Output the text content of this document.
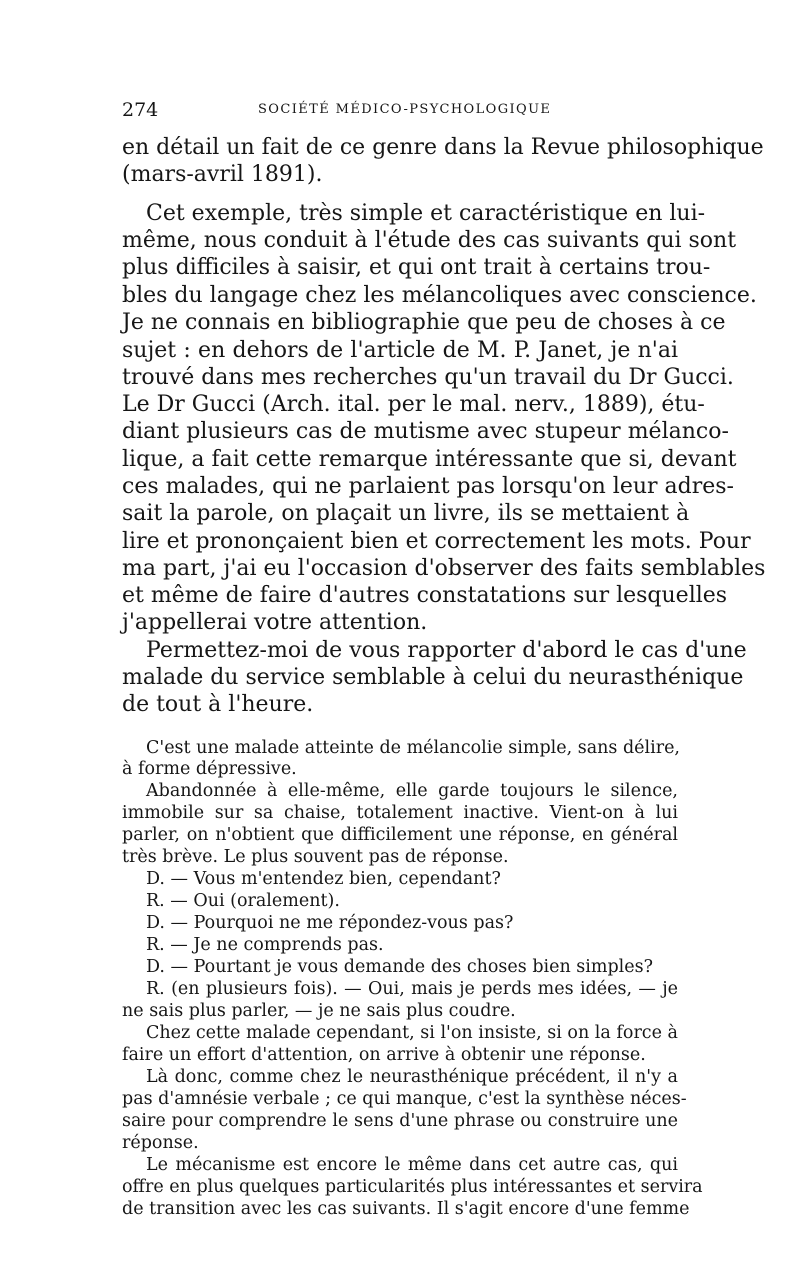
274	SOCIÉTÉ MÉDICO-PSYCHOLOGIQUE
en détail un fait de ce genre dans la Revue philosophique
(mars-avril 1891).
Cet exemple, très simple et caractéristique en lui-
même, nous conduit à l'étude des cas suivants qui sont
plus difficiles à saisir, et qui ont trait à certains trou-
bles du langage chez les mélancoliques avec conscience.
Je ne connais en bibliographie que peu de choses à ce
sujet : en dehors de l'article de M. P. Janet, je n'ai
trouvé dans mes recherches qu'un travail du Dr Gucci.
Le Dr Gucci (Arch. ital. per le mal. nerv., 1889), étu-
diant plusieurs cas de mutisme avec stupeur mélanco-
lique, a fait cette remarque intéressante que si, devant
ces malades, qui ne parlaient pas lorsqu'on leur adres-
sait la parole, on plaçait un livre, ils se mettaient à
lire et prononçaient bien et correctement les mots. Pour
ma part, j'ai eu l'occasion d'observer des faits semblables
et même de faire d'autres constatations sur lesquelles
j'appellerai votre attention.
Permettez-moi de vous rapporter d'abord le cas d'une
malade du service semblable à celui du neurasthénique
de tout à l'heure.
C'est une malade atteinte de mélancolie simple, sans délire,
à forme dépressive.
Abandonnée à elle-même, elle garde toujours le silence,
immobile sur sa chaise, totalement inactive. Vient-on à lui
parler, on n'obtient que difficilement une réponse, en général
très brève. Le plus souvent pas de réponse.
D. — Vous m'entendez bien, cependant?
R. — Oui (oralement).
D. — Pourquoi ne me répondez-vous pas?
R. — Je ne comprends pas.
D. — Pourtant je vous demande des choses bien simples?
R. (en plusieurs fois). — Oui, mais je perds mes idées, — je
ne sais plus parler, — je ne sais plus coudre.
Chez cette malade cependant, si l'on insiste, si on la force à
faire un effort d'attention, on arrive à obtenir une réponse.
Là donc, comme chez le neurasthénique précédent, il n'y a
pas d'amnésie verbale ; ce qui manque, c'est la synthèse néces-
saire pour comprendre le sens d'une phrase ou construire une
réponse.
Le mécanisme est encore le même dans cet autre cas, qui
offre en plus quelques particularités plus intéressantes et servira
de transition avec les cas suivants. Il s'agit encore d'une femme
